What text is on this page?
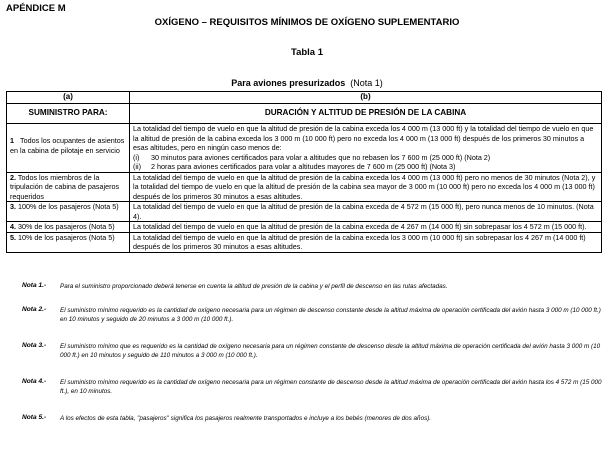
APÉNDICE M
OXÍGENO – REQUISITOS MÍNIMOS DE OXÍGENO SUPLEMENTARIO
Tabla 1
Para aviones presurizados (Nota 1)
(a)	(b)
SUMINISTRO PARA:	DURACIÓN Y ALTITUD DE PRESIÓN DE LA CABINA
1 Todos los ocupantes de asientos en la cabina de pilotaje en servicio	La totalidad del tiempo de vuelo en que la altitud de presión de la cabina exceda los 4 000 m (13 000 ft) y la totalidad del tiempo de vuelo en que la altitud de presión de la cabina exceda los 3 000 m (10 000 ft) pero no exceda los 4 000 m (13 000 ft) después de los primeros 30 minutos a esas altitudes, pero en ningún caso menos de:
(i) 30 minutos para aviones certificados para volar a altitudes que no rebasen los 7 600 m (25 000 ft) (Nota 2)
(ii) 2 horas para aviones certificados para volar a altitudes mayores de 7 600 m (25 000 ft) (Nota 3)

2. Todos los miembros de la tripulación de cabina de pasajeros requeridos	La totalidad del tiempo de vuelo en que la altitud de presión de la cabina exceda los 4 000 m (13 000 ft) pero no menos de 30 minutos (Nota 2), y la totalidad del tiempo de vuelo en que la altitud de presión de la cabina sea mayor de 3 000 m (10 000 ft) pero no exceda los 4 000 m (13 000 ft) después de los primeros 30 minutos a esas altitudes.
3. 100% de los pasajeros (Nota 5)	La totalidad del tiempo de vuelo en que la altitud de presión de la cabina exceda de 4 572 m (15 000 ft), pero nunca menos de 10 minutos. (Nota 4).
4. 30% de los pasajeros (Nota 5)	La totalidad del tiempo de vuelo en que la altitud de presión de la cabina exceda de 4 267 m (14 000 ft) sin sobrepasar los 4 572 m (15 000 ft).
5. 10% de los pasajeros (Nota 5)	La totalidad del tiempo de vuelo en que la altitud de presión de la cabina exceda los 3 000 m (10 000 ft) sin sobrepasar los 4 267 m (14 000 ft) después de los primeros 30 minutos a esas altitudes.
Nota 1.-	Para el suministro proporcionado deberá tenerse en cuenta la altitud de presión de la cabina y el perfil de descenso en las rutas afectadas.
Nota 2.-	El suministro mínimo requerido es la cantidad de oxígeno necesaria para un régimen de descenso constante desde la altitud máxima de operación certificada del avión hasta 3 000 m (10 000 ft.) en 10 minutos y seguido de 20 minutos a 3 000 m (10 000 ft.).
Nota 3.-	El suministro mínimo que es requerido es la cantidad de oxígeno necesaria para un régimen constante de descenso desde la altitud máxima de operación certificada del avión hasta 3 000 m (10 000 ft.) en 10 minutos y seguido de 110 minutos a 3 000 m (10 000 ft.).
Nota 4.-	El suministro mínimo requerido es la cantidad de oxígeno necesaria para un régimen constante de descenso desde la altitud máxima de operación certificada del avión hasta los 4 572 m (15 000 ft.), en 10 minutos.
Nota 5.-	A los efectos de esta tabla, "pasajeros" significa los pasajeros realmente transportados e incluye a los bebés (menores de dos años).
